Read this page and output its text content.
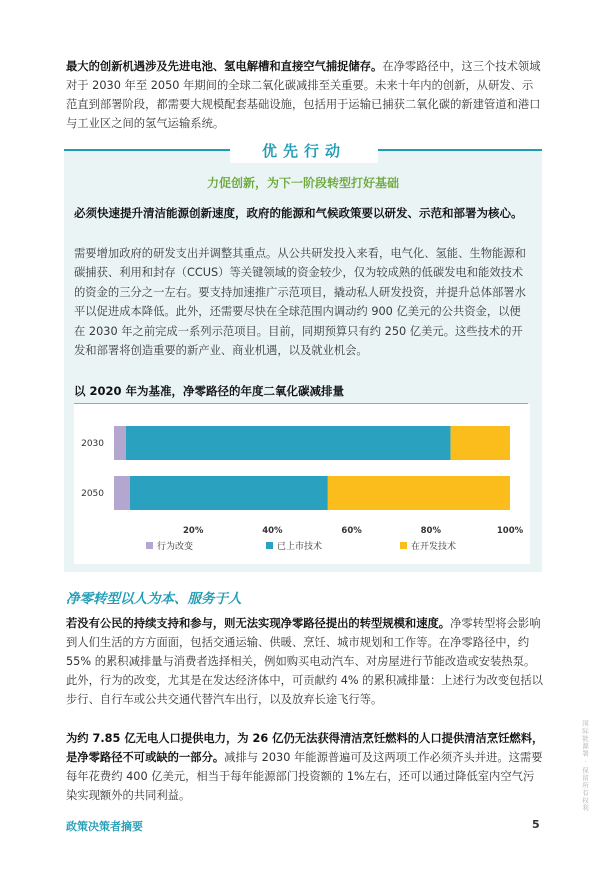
最大的创新机遇涉及先进电池、氢电解槽和直接空气捕捉储存。在净零路径中，这三个技术领域对于 2030 年至 2050 年期间的全球二氧化碳减排至关重要。未来十年内的创新，从研发、示范直到部署阶段，都需要大规模配套基础设施，包括用于运输已捕获二氧化碳的新建管道和港口与工业区之间的氢气运输系统。

优先行动
力促创新，为下一阶段转型打好基础

必须快速提升清洁能源创新速度，政府的能源和气候政策要以研发、示范和部署为核心。

需要增加政府的研发支出并调整其重点。从公共研发投入来看，电气化、氢能、生物能源和碳捕获、利用和封存（CCUS）等关键领域的资金较少，仅为较成熟的低碳发电和能效技术的资金的三分之一左右。要支持加速推广示范项目，撬动私人研发投资，并提升总体部署水平以促进成本降低。此外，还需要尽快在全球范围内调动约 900 亿美元的公共资金，以便在 2030 年之前完成一系列示范项目。目前，同期预算只有约 250 亿美元。这些技术的开发和部署将创造重要的新产业、商业机遇，以及就业机会。

以 2020 年为基准，净零路径的年度二氧化碳减排量

2030
2050
20%	40%	60%	80%	100%
行为改变	已上市技术	在开发技术

净零转型以人为本、服务于人

若没有公民的持续支持和参与，则无法实现净零路径提出的转型规模和速度。净零转型将会影响到人们生活的方方面面，包括交通运输、供暖、烹饪、城市规划和工作等。在净零路径中，约 55% 的累积减排量与消费者选择相关，例如购买电动汽车、对房屋进行节能改造或安装热泵。此外，行为的改变，尤其是在发达经济体中，可贡献约 4% 的累积减排量：上述行为改变包括以步行、自行车或公共交通代替汽车出行，以及放弃长途飞行等。

为约 7.85 亿无电人口提供电力，为 26 亿仍无法获得清洁烹饪燃料的人口提供清洁烹饪燃料，是净零路径不可或缺的一部分。减排与 2030 年能源普遍可及这两项工作必须齐头并进。这需要每年花费约 400 亿美元，相当于每年能源部门投资额的 1%左右，还可以通过降低室内空气污染实现额外的共同利益。

政策决策者摘要	5
国际能源署 · 保留所有权利
